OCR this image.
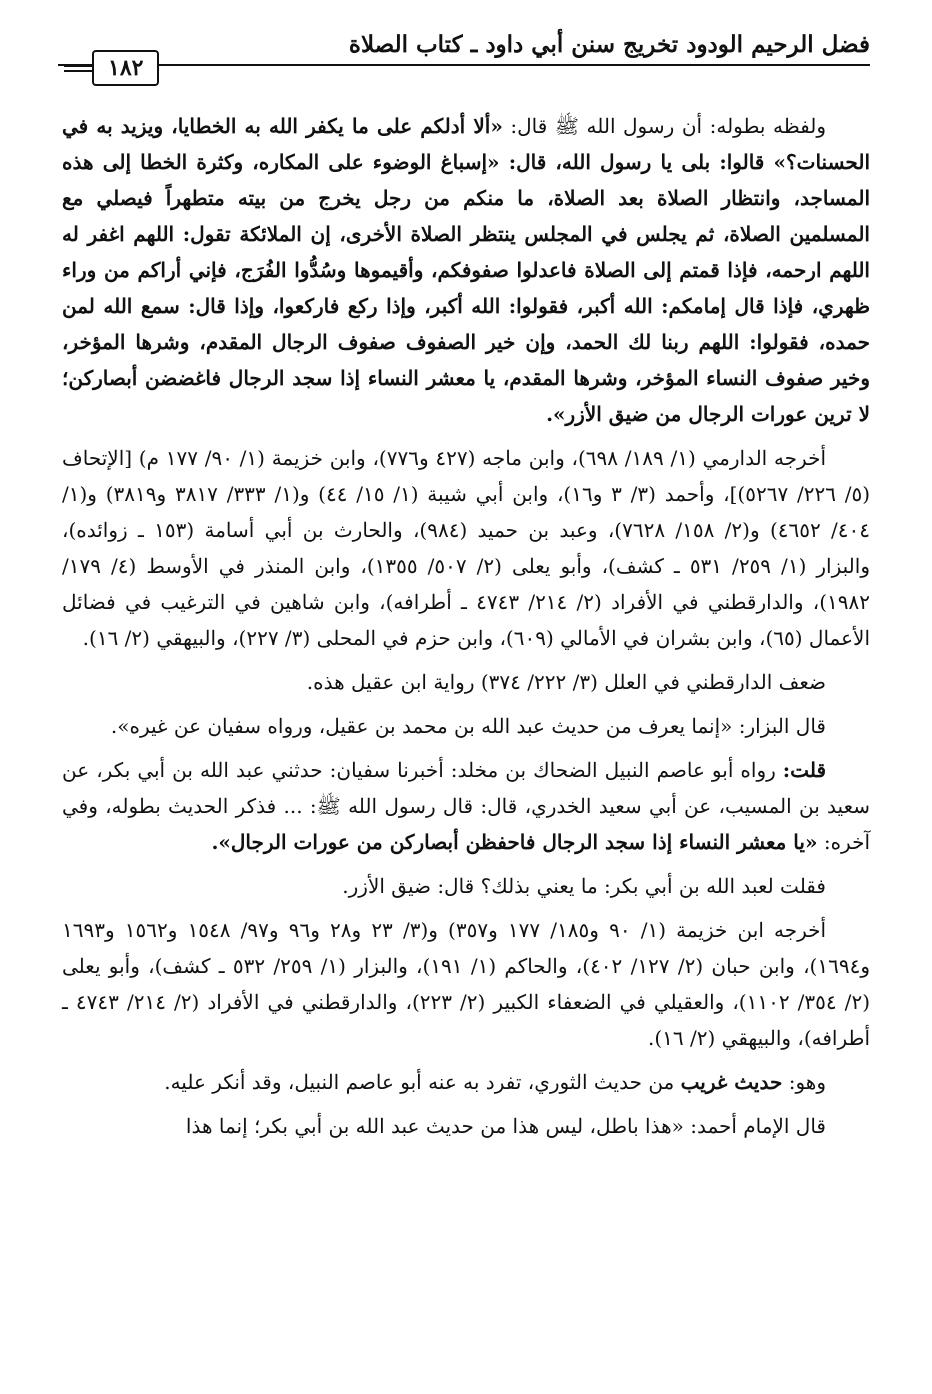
فضل الرحيم الودود تخريج سنن أبي داود ـ كتاب الصلاة
١٨٢

ولفظه بطوله: أن رسول الله ﷺ قال: «ألا أدلكم على ما يكفر الله به الخطايا، ويزيد به في الحسنات؟» قالوا: بلى يا رسول الله، قال: «إسباغ الوضوء على المكاره، وكثرة الخطا إلى هذه المساجد، وانتظار الصلاة بعد الصلاة، ما منكم من رجل يخرج من بيته متطهراً فيصلي مع المسلمين الصلاة، ثم يجلس في المجلس ينتظر الصلاة الأخرى، إن الملائكة تقول: اللهم اغفر له اللهم ارحمه، فإذا قمتم إلى الصلاة فاعدلوا صفوفكم، وأقيموها وسُدُّوا الفُرَج، فإني أراكم من وراء ظهري، فإذا قال إمامكم: الله أكبر، فقولوا: الله أكبر، وإذا ركع فاركعوا، وإذا قال: سمع الله لمن حمده، فقولوا: اللهم ربنا لك الحمد، وإن خير الصفوف صفوف الرجال المقدم، وشرها المؤخر، وخير صفوف النساء المؤخر، وشرها المقدم، يا معشر النساء إذا سجد الرجال فاغضضن أبصاركن؛ لا ترين عورات الرجال من ضيق الأزر».

أخرجه الدارمي (١/ ١٨٩/ ٦٩٨)، وابن ماجه (٤٢٧ و٧٧٦)، وابن خزيمة (١/ ٩٠/ ١٧٧ م) [الإتحاف (٥/ ٢٢٦/ ٥٢٦٧)]، وأحمد (٣/ ٣ و١٦)، وابن أبي شيبة (١/ ١٥/ ٤٤) و(١/ ٣٣٣/ ٣٨١٧ و٣٨١٩) و(١/ ٤٠٤/ ٤٦٥٢) و(٢/ ١٥٨/ ٧٦٢٨)، وعبد بن حميد (٩٨٤)، والحارث بن أبي أسامة (١٥٣ ـ زوائده)، والبزار (١/ ٢٥٩/ ٥٣١ ـ كشف)، وأبو يعلى (٢/ ٥٠٧/ ١٣٥٥)، وابن المنذر في الأوسط (٤/ ١٧٩/ ١٩٨٢)، والدارقطني في الأفراد (٢/ ٢١٤/ ٤٧٤٣ ـ أطرافه)، وابن شاهين في الترغيب في فضائل الأعمال (٦٥)، وابن بشران في الأمالي (٦٠٩)، وابن حزم في المحلى (٣/ ٢٢٧)، والبيهقي (٢/ ١٦).

ضعف الدارقطني في العلل (٣/ ٢٢٢/ ٣٧٤) رواية ابن عقيل هذه.

قال البزار: «إنما يعرف من حديث عبد الله بن محمد بن عقيل، ورواه سفيان عن غيره».

قلت: رواه أبو عاصم النبيل الضحاك بن مخلد: أخبرنا سفيان: حدثني عبد الله بن أبي بكر، عن سعيد بن المسيب، عن أبي سعيد الخدري، قال: قال رسول الله ﷺ: ... فذكر الحديث بطوله، وفي آخره: «يا معشر النساء إذا سجد الرجال فاحفظن أبصاركن من عورات الرجال».

فقلت لعبد الله بن أبي بكر: ما يعني بذلك؟ قال: ضيق الأزر.

أخرجه ابن خزيمة (١/ ٩٠ و١٨٥/ ١٧٧ و٣٥٧) و(٣/ ٢٣ و٢٨ و٩٦ و٩٧/ ١٥٤٨ و١٥٦٢ و١٦٩٣ و١٦٩٤)، وابن حبان (٢/ ١٢٧/ ٤٠٢)، والحاكم (١/ ١٩١)، والبزار (١/ ٢٥٩/ ٥٣٢ ـ كشف)، وأبو يعلى (٢/ ٣٥٤/ ١١٠٢)، والعقيلي في الضعفاء الكبير (٢/ ٢٢٣)، والدارقطني في الأفراد (٢/ ٢١٤/ ٤٧٤٣ ـ أطرافه)، والبيهقي (٢/ ١٦).

وهو: حديث غريب من حديث الثوري، تفرد به عنه أبو عاصم النبيل، وقد أنكر عليه.

قال الإمام أحمد: «هذا باطل، ليس هذا من حديث عبد الله بن أبي بكر؛ إنما هذا
